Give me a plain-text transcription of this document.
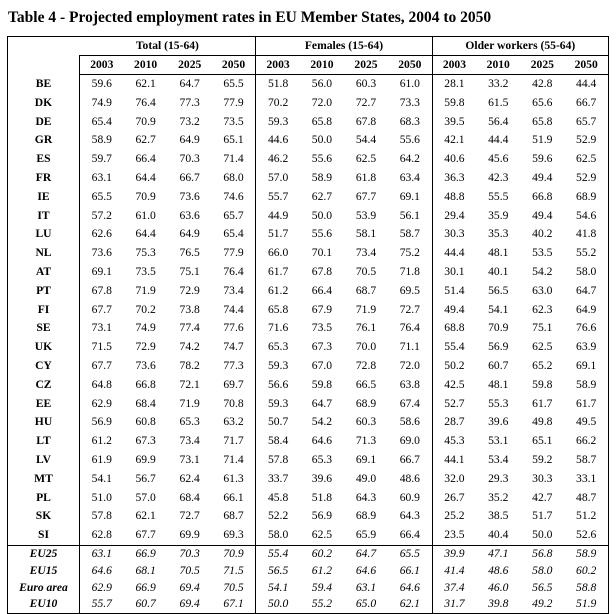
Table 4 - Projected employment rates in EU Member States, 2004 to 2050
	Total (15-64)				Females (15-64)				Older workers (55-64)			
	2003	2010	2025	2050	2003	2010	2025	2050	2003	2010	2025	2050
BE	59.6	62.1	64.7	65.5	51.8	56.0	60.3	61.0	28.1	33.2	42.8	44.4
DK	74.9	76.4	77.3	77.9	70.2	72.0	72.7	73.3	59.8	61.5	65.6	66.7
DE	65.4	70.9	73.2	73.5	59.3	65.8	67.8	68.3	39.5	56.4	65.8	65.7
GR	58.9	62.7	64.9	65.1	44.6	50.0	54.4	55.6	42.1	44.4	51.9	52.9
ES	59.7	66.4	70.3	71.4	46.2	55.6	62.5	64.2	40.6	45.6	59.6	62.5
FR	63.1	64.4	66.7	68.0	57.0	58.9	61.8	63.4	36.3	42.3	49.4	52.9
IE	65.5	70.9	73.6	74.6	55.7	62.7	67.7	69.1	48.8	55.5	66.8	68.9
IT	57.2	61.0	63.6	65.7	44.9	50.0	53.9	56.1	29.4	35.9	49.4	54.6
LU	62.6	64.4	64.9	65.4	51.7	55.6	58.1	58.7	30.3	35.3	40.2	41.8
NL	73.6	75.3	76.5	77.9	66.0	70.1	73.4	75.2	44.4	48.1	53.5	55.2
AT	69.1	73.5	75.1	76.4	61.7	67.8	70.5	71.8	30.1	40.1	54.2	58.0
PT	67.8	71.9	72.9	73.4	61.2	66.4	68.7	69.5	51.4	56.5	63.0	64.7
FI	67.7	70.2	73.8	74.4	65.8	67.9	71.9	72.7	49.4	54.1	62.3	64.9
SE	73.1	74.9	77.4	77.6	71.6	73.5	76.1	76.4	68.8	70.9	75.1	76.6
UK	71.5	72.9	74.2	74.7	65.3	67.3	70.0	71.1	55.4	56.9	62.5	63.9
CY	67.7	73.6	78.2	77.3	59.3	67.0	72.8	72.0	50.2	60.7	65.2	69.1
CZ	64.8	66.8	72.1	69.7	56.6	59.8	66.5	63.8	42.5	48.1	59.8	58.9
EE	62.9	68.4	71.9	70.8	59.3	64.7	68.9	67.4	52.7	55.3	61.7	61.7
HU	56.9	60.8	65.3	63.2	50.7	54.2	60.3	58.6	28.7	39.6	49.8	49.5
LT	61.2	67.3	73.4	71.7	58.4	64.6	71.3	69.0	45.3	53.1	65.1	66.2
LV	61.9	69.9	73.1	71.4	57.8	65.3	69.1	66.7	44.1	53.4	59.2	58.7
MT	54.1	56.7	62.4	61.3	33.7	39.6	49.0	48.6	32.0	29.3	30.3	33.1
PL	51.0	57.0	68.4	66.1	45.8	51.8	64.3	60.9	26.7	35.2	42.7	48.7
SK	57.8	62.1	72.7	68.7	52.2	56.9	68.9	64.3	25.2	38.5	51.7	51.2
SI	62.8	67.7	69.9	69.3	58.0	62.5	65.9	66.4	23.5	40.4	50.0	52.6
EU25	63.1	66.9	70.3	70.9	55.4	60.2	64.7	65.5	39.9	47.1	56.8	58.9
EU15	64.6	68.1	70.5	71.5	56.5	61.2	64.6	66.1	41.4	48.6	58.0	60.2
Euro area	62.9	66.9	69.4	70.5	54.1	59.4	63.1	64.6	37.4	46.0	56.5	58.8
EU10	55.7	60.7	69.4	67.1	50.0	55.2	65.0	62.1	31.7	39.8	49.2	51.9
